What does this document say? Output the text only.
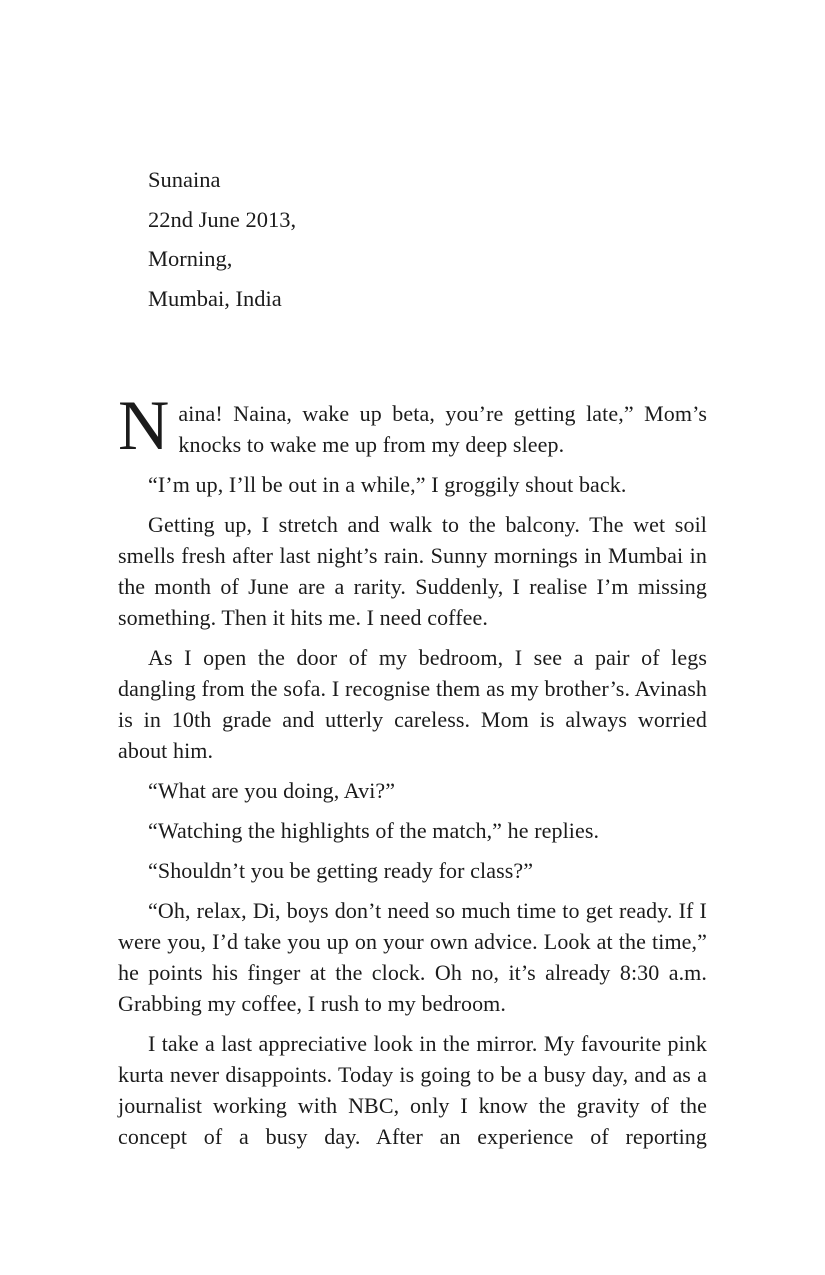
Sunaina
22nd June 2013,
Morning,
Mumbai, India

Naina! Naina, wake up beta, you’re getting late,” Mom’s knocks to wake me up from my deep sleep.

“I’m up, I’ll be out in a while,” I groggily shout back.

Getting up, I stretch and walk to the balcony. The wet soil smells fresh after last night’s rain. Sunny mornings in Mumbai in the month of June are a rarity. Suddenly, I realise I’m missing something. Then it hits me. I need coffee.

As I open the door of my bedroom, I see a pair of legs dangling from the sofa. I recognise them as my brother’s. Avinash is in 10th grade and utterly careless. Mom is always worried about him.

“What are you doing, Avi?”

“Watching the highlights of the match,” he replies.

“Shouldn’t you be getting ready for class?”

“Oh, relax, Di, boys don’t need so much time to get ready. If I were you, I’d take you up on your own advice. Look at the time,” he points his finger at the clock. Oh no, it’s already 8:30 a.m. Grabbing my coffee, I rush to my bedroom.

I take a last appreciative look in the mirror. My favourite pink kurta never disappoints. Today is going to be a busy day, and as a journalist working with NBC, only I know the gravity of the concept of a busy day. After an experience of reporting
